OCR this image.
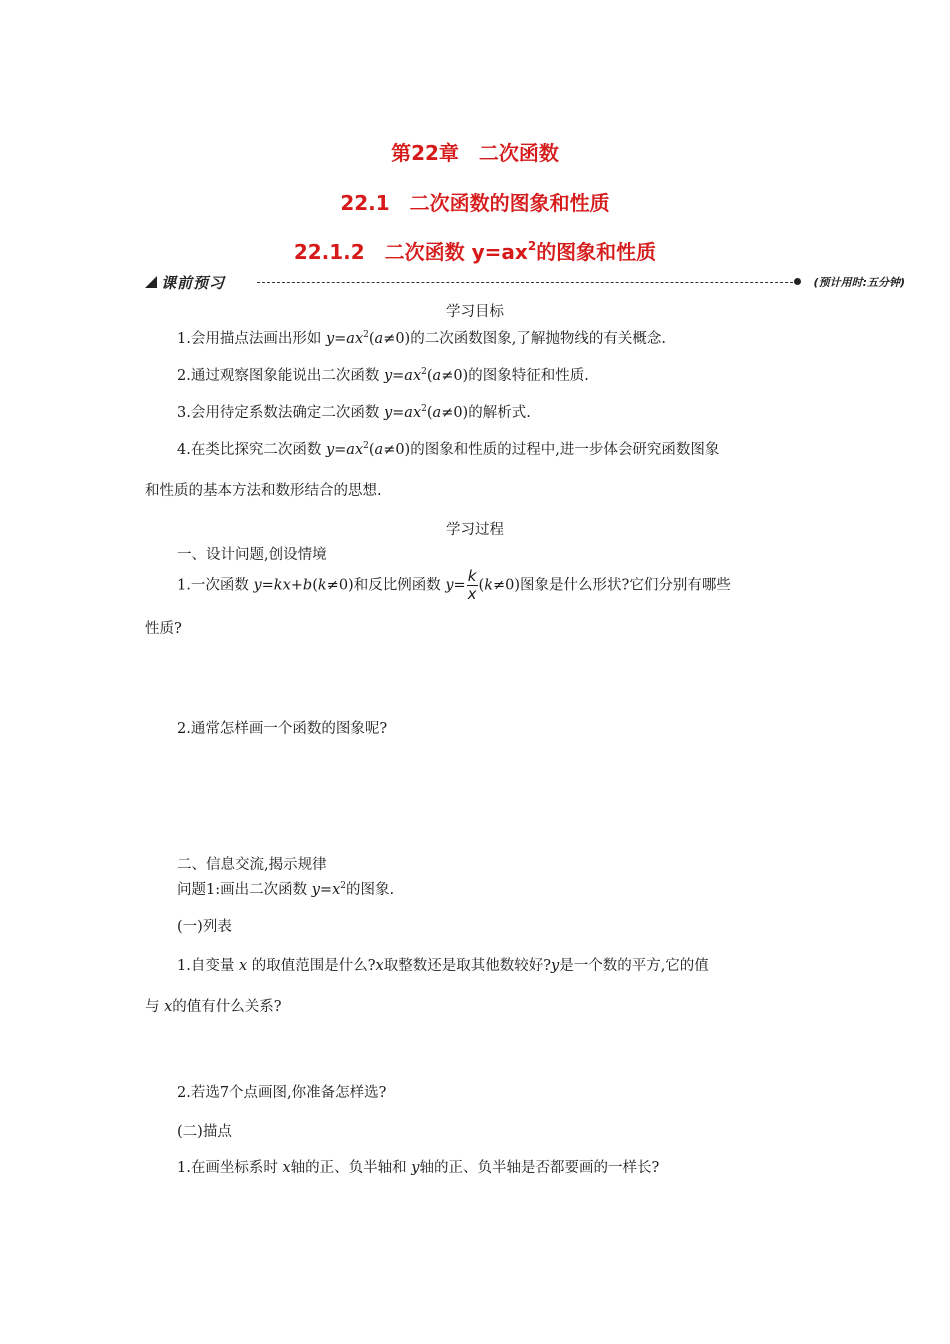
第22章　二次函数
22.1　二次函数的图象和性质
22.1.2　二次函数 $y=ax^2$的图象和性质
课前预习	(预计用时:五分钟)
学习目标
1.会用描点法画出形如 $y=ax^2(a\ne 0)$的二次函数图象,了解抛物线的有关概念.
2.通过观察图象能说出二次函数 $y=ax^2(a\ne 0)$的图象特征和性质.
3.会用待定系数法确定二次函数 $y=ax^2(a\ne 0)$的解析式.
4.在类比探究二次函数 $y=ax^2(a\ne 0)$的图象和性质的过程中,进一步体会研究函数图象
和性质的基本方法和数形结合的思想.
学习过程
一、设计问题,创设情境
1.一次函数 y=kx+b(k≠0)和反比例函数 $y= \frac{k}{x} (k\ne 0)$图象是什么形状?它们分别有哪些
性质?
2.通常怎样画一个函数的图象呢?
二、信息交流,揭示规律
问题1:画出二次函数 $y=x^2$的图象.
(一)列表
1.自变量 x 的取值范围是什么?x取整数还是取其他数较好?y是一个数的平方,它的值
与 x的值有什么关系?
2.若选7个点画图,你准备怎样选?
(二)描点
1.在画坐标系时 x轴的正、负半轴和 y轴的正、负半轴是否都要画的一样长?
